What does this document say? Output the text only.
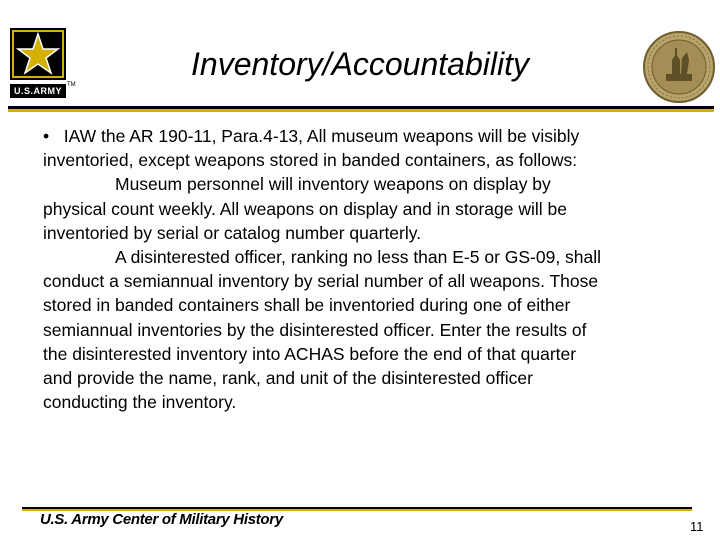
U.S.ARMY
TM
Inventory/Accountability

• IAW the AR 190-11, Para.4-13, All museum weapons will be visibly

inventoried, except weapons stored in banded containers, as follows:

Museum personnel will inventory weapons on display by

physical count weekly. All weapons on display and in storage will be

inventoried by serial or catalog number quarterly.

A disinterested officer, ranking no less than E-5 or GS-09, shall

conduct a semiannual inventory by serial number of all weapons. Those

stored in banded containers shall be inventoried during one of either

semiannual inventories by the disinterested officer. Enter the results of

the disinterested inventory into ACHAS before the end of that quarter

and provide the name, rank, and unit of the disinterested officer

conducting the inventory.

U.S. Army Center of Military History	11
